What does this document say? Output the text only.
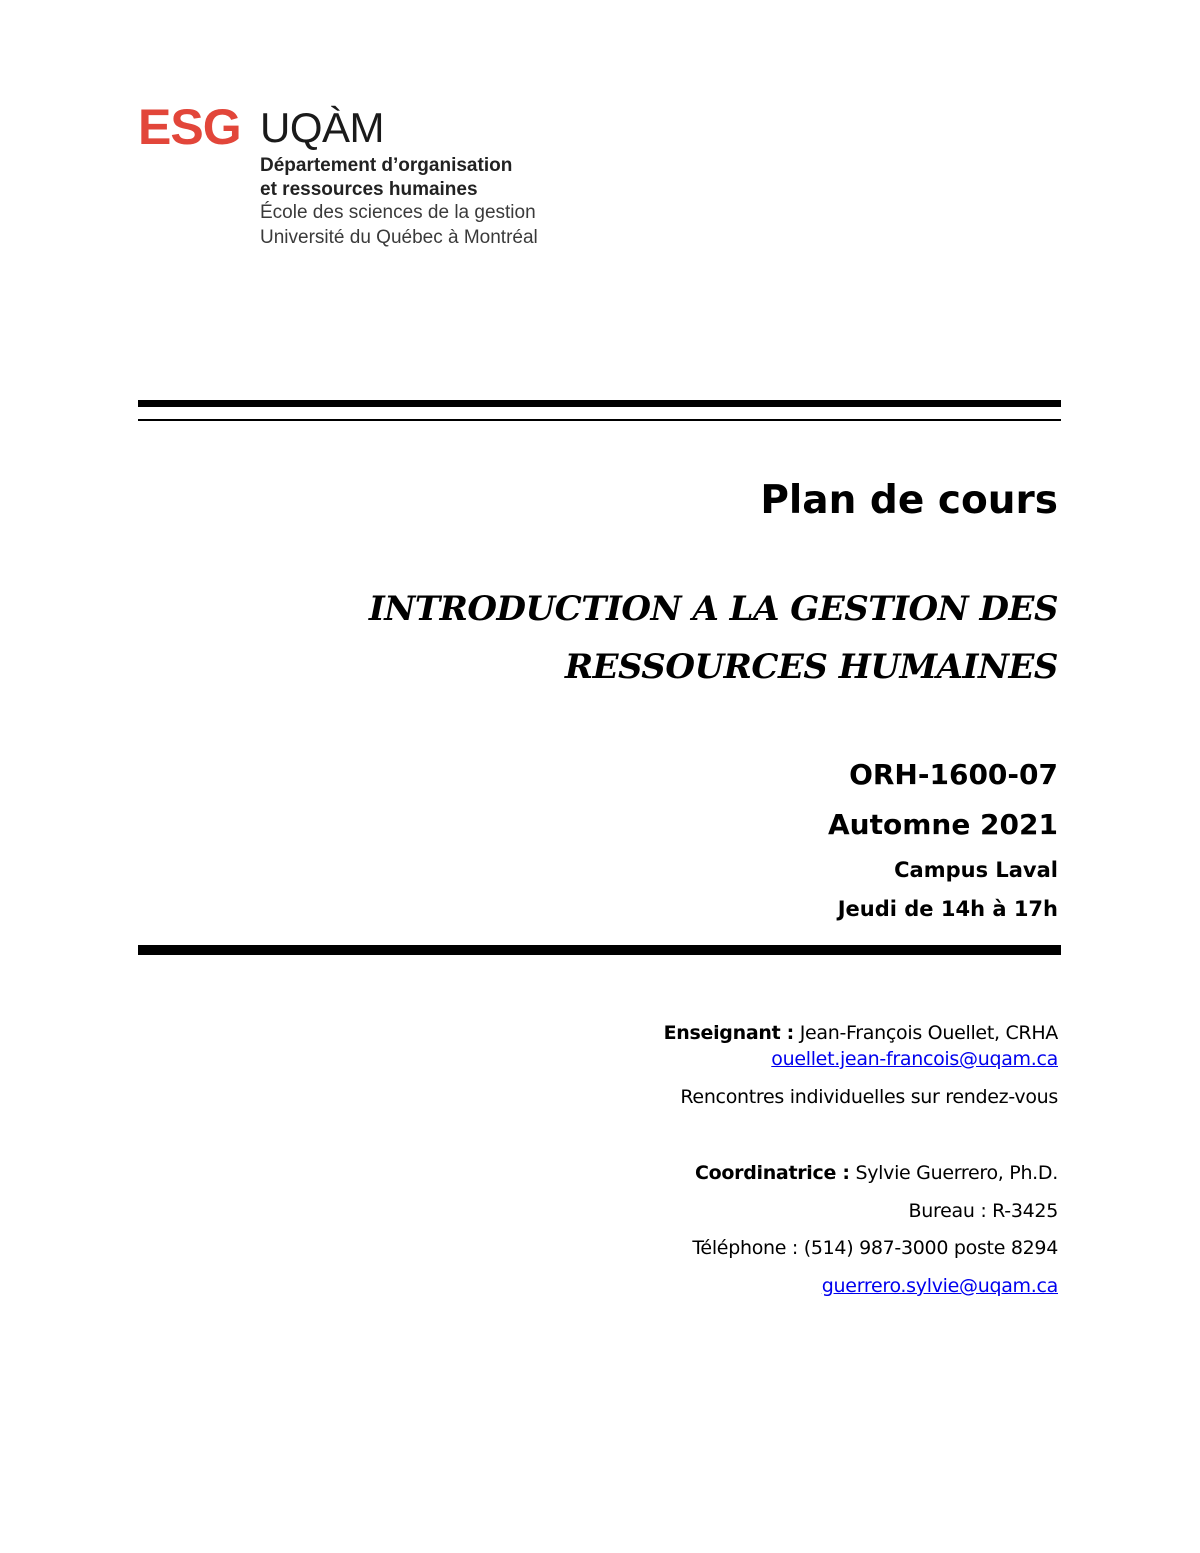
ESG UQÀM
Département d’organisation
et ressources humaines
École des sciences de la gestion
Université du Québec à Montréal
Plan de cours
INTRODUCTION A LA GESTION DES
RESSOURCES HUMAINES
ORH-1600-07
Automne 2021
Campus Laval
Jeudi de 14h à 17h
Enseignant : Jean-François Ouellet, CRHA
ouellet.jean-francois@uqam.ca
Rencontres individuelles sur rendez-vous
Coordinatrice : Sylvie Guerrero, Ph.D.
Bureau : R-3425
Téléphone : (514) 987-3000 poste 8294
guerrero.sylvie@uqam.ca
